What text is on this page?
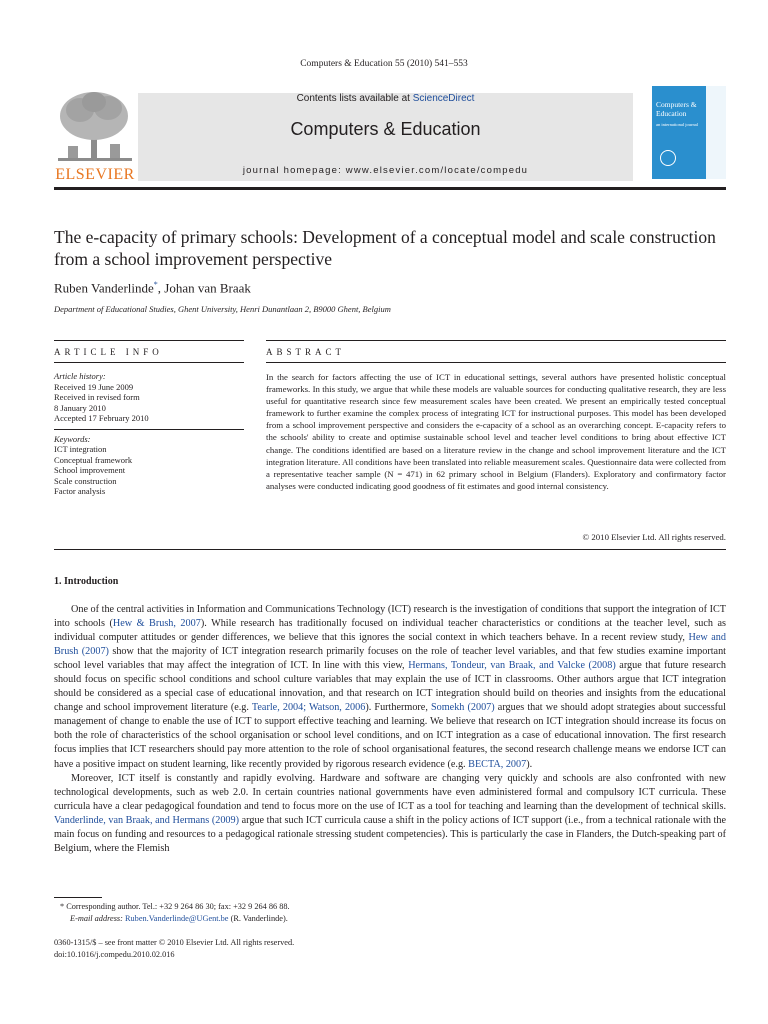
Computers & Education 55 (2010) 541–553
ELSEVIER
Contents lists available at ScienceDirect
Computers & Education
journal homepage: www.elsevier.com/locate/compedu
Computers & Education
an international journal
The e-capacity of primary schools: Development of a conceptual model and scale construction from a school improvement perspective
Ruben Vanderlinde*, Johan van Braak
Department of Educational Studies, Ghent University, Henri Dunantlaan 2, B9000 Ghent, Belgium
ARTICLE INFO	ABSTRACT
Article history:
Received 19 June 2009
Received in revised form
8 January 2010
Accepted 17 February 2010
Keywords:
ICT integration
Conceptual framework
School improvement
Scale construction
Factor analysis
In the search for factors affecting the use of ICT in educational settings, several authors have presented holistic conceptual frameworks. In this study, we argue that while these models are valuable sources for conducting qualitative research, they are less useful for quantitative research since few measurement scales have been created. We present an empirically tested conceptual framework to further examine the complex process of integrating ICT for instructional purposes. This model has been developed from a school improvement perspective and considers the e-capacity of a school as an overarching concept. E-capacity refers to the schools' ability to create and optimise sustainable school level and teacher level conditions to bring about effective ICT change. The conditions identified are based on a literature review in the change and school improvement literature and the ICT integration literature. All conditions have been translated into reliable measurement scales. Questionnaire data were collected from a representative teacher sample (N = 471) in 62 primary school in Belgium (Flanders). Exploratory and confirmatory factor analyses were conducted indicating good goodness of fit estimates and good internal consistency.
© 2010 Elsevier Ltd. All rights reserved.
1. Introduction

One of the central activities in Information and Communications Technology (ICT) research is the investigation of conditions that support the integration of ICT into schools (Hew & Brush, 2007). While research has traditionally focused on individual teacher characteristics or conditions at the teacher level, such as individual computer attitudes or gender differences, we believe that this ignores the social context in which teachers behave. In a recent review study, Hew and Brush (2007) show that the majority of ICT integration research primarily focuses on the role of teacher level variables, and that few studies examine important school level variables that may affect the integration of ICT. In line with this view, Hermans, Tondeur, van Braak, and Valcke (2008) argue that future research should focus on specific school conditions and school culture variables that may explain the use of ICT in classrooms. Other authors argue that ICT integration should be considered as a special case of educational innovation, and that research on ICT integration should build on theories and insights from the educational change and school improvement literature (e.g. Tearle, 2004; Watson, 2006). Furthermore, Somekh (2007) argues that we should adopt strategies about successful management of change to enable the use of ICT to support effective teaching and learning. We believe that research on ICT integration should increase its focus on both the role of characteristics of the school organisation or school level conditions, and on ICT integration as a case of educational innovation. The first research focus implies that ICT researchers should pay more attention to the role of school organisational features, the second research challenge means we endorse ICT can have a positive impact on student learning, like recently provided by rigorous research evidence (e.g. BECTA, 2007).

Moreover, ICT itself is constantly and rapidly evolving. Hardware and software are changing very quickly and schools are also confronted with new technological developments, such as web 2.0. In certain countries national governments have even administered formal and compulsory ICT curricula. These curricula have a clear pedagogical foundation and tend to focus more on the use of ICT as a tool for teaching and learning than the development of technical skills. Vanderlinde, van Braak, and Hermans (2009) argue that such ICT curricula cause a shift in the policy actions of ICT support (i.e., from a technical rationale with the main focus on funding and resources to a pedagogical rationale stressing student competencies). This is particularly the case in Flanders, the Dutch-speaking part of Belgium, where the Flemish

* Corresponding author. Tel.: +32 9 264 86 30; fax: +32 9 264 86 88.
E-mail address: Ruben.Vanderlinde@UGent.be (R. Vanderlinde).
0360-1315/$ – see front matter © 2010 Elsevier Ltd. All rights reserved.
doi:10.1016/j.compedu.2010.02.016
